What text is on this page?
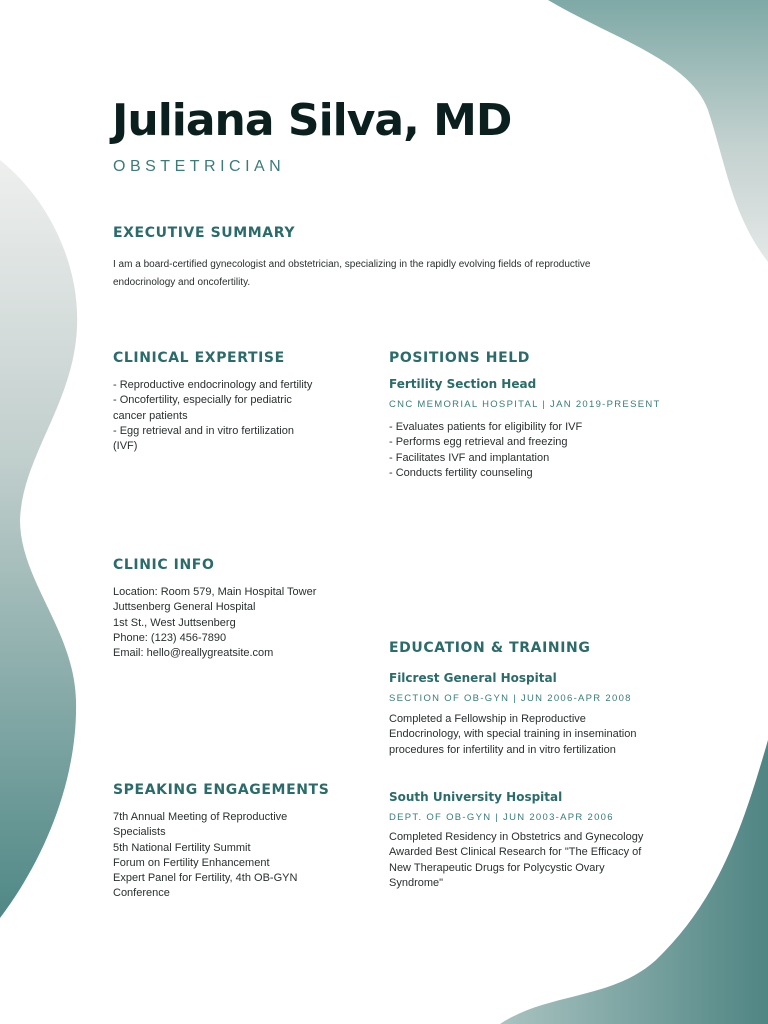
Juliana Silva, MD
OBSTETRICIAN
EXECUTIVE SUMMARY
I am a board-certified gynecologist and obstetrician, specializing in the rapidly evolving fields of reproductive
endocrinology and oncofertility.
CLINICAL EXPERTISE
- Reproductive endocrinology and fertility
- Oncofertility, especially for pediatric
cancer patients
- Egg retrieval and in vitro fertilization
(IVF)
POSITIONS HELD
Fertility Section Head
CNC MEMORIAL HOSPITAL | JAN 2019-PRESENT
- Evaluates patients for eligibility for IVF
- Performs egg retrieval and freezing
- Facilitates IVF and implantation
- Conducts fertility counseling
CLINIC INFO
Location: Room 579, Main Hospital Tower
Juttsenberg General Hospital
1st St., West Juttsenberg
Phone: (123) 456-7890
Email: hello@reallygreatsite.com	EDUCATION & TRAINING
Filcrest General Hospital
SECTION OF OB-GYN | JUN 2006-APR 2008
Completed a Fellowship in Reproductive
Endocrinology, with special training in insemination
procedures for infertility and in vitro fertilization
South University Hospital
DEPT. OF OB-GYN | JUN 2003-APR 2006
Completed Residency in Obstetrics and Gynecology
Awarded Best Clinical Research for "The Efficacy of
New Therapeutic Drugs for Polycystic Ovary
Syndrome"
SPEAKING ENGAGEMENTS
7th Annual Meeting of Reproductive
Specialists
5th National Fertility Summit
Forum on Fertility Enhancement
Expert Panel for Fertility, 4th OB-GYN
Conference
